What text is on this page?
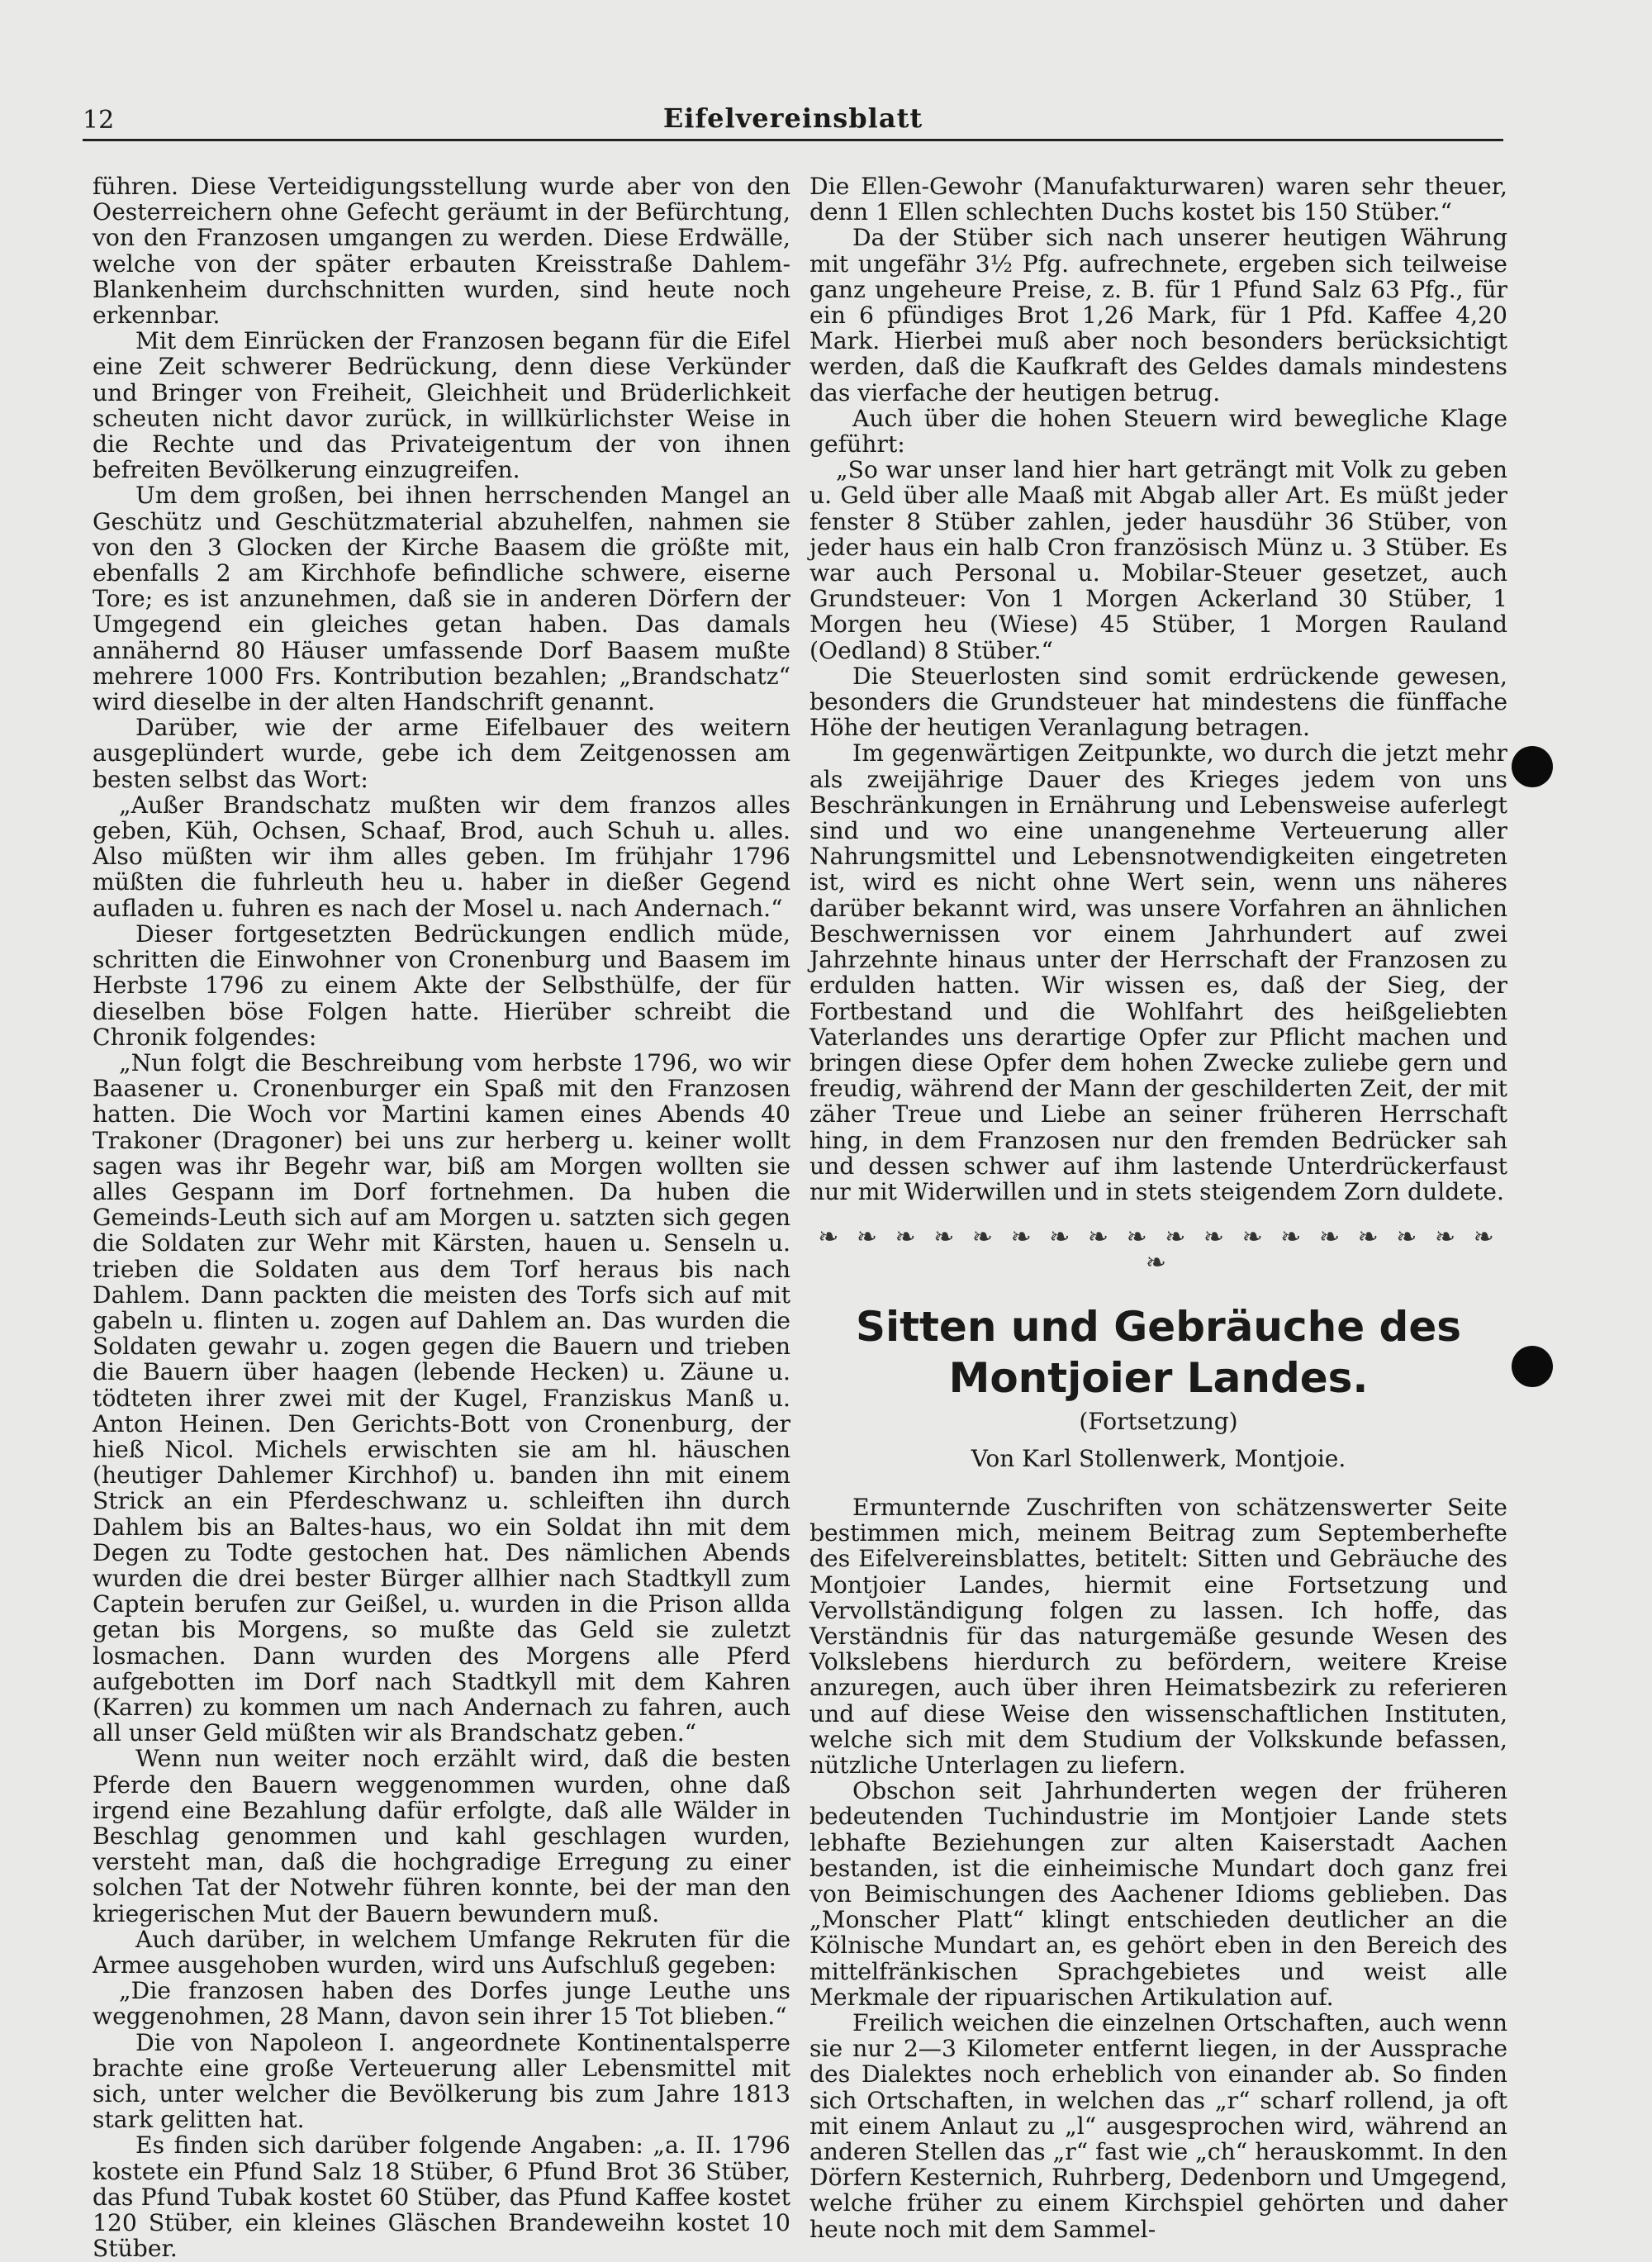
12	Eifelvereinsblatt

führen. Diese Verteidigungsstellung wurde aber von den Oesterreichern ohne Gefecht geräumt in der Befürchtung, von den Franzosen umgangen zu werden. Diese Erdwälle, welche von der später erbauten Kreisstraße Dahlem-Blankenheim durchschnitten wurden, sind heute noch erkennbar.

Mit dem Einrücken der Franzosen begann für die Eifel eine Zeit schwerer Bedrückung, denn diese Verkünder und Bringer von Freiheit, Gleichheit und Brüderlichkeit scheuten nicht davor zurück, in willkürlichster Weise in die Rechte und das Privateigentum der von ihnen befreiten Bevölkerung einzugreifen.

Um dem großen, bei ihnen herrschenden Mangel an Geschütz und Geschützmaterial abzuhelfen, nahmen sie von den 3 Glocken der Kirche Baasem die größte mit, ebenfalls 2 am Kirchhofe befindliche schwere, eiserne Tore; es ist anzunehmen, daß sie in anderen Dörfern der Umgegend ein gleiches getan haben. Das damals annähernd 80 Häuser umfassende Dorf Baasem mußte mehrere 1000 Frs. Kontribution bezahlen; „Brandschatz“ wird dieselbe in der alten Handschrift genannt.

Darüber, wie der arme Eifelbauer des weitern ausgeplündert wurde, gebe ich dem Zeitgenossen am besten selbst das Wort:

„Außer Brandschatz mußten wir dem franzos alles geben, Küh, Ochsen, Schaaf, Brod, auch Schuh u. alles. Also müßten wir ihm alles geben. Im frühjahr 1796 müßten die fuhrleuth heu u. haber in dießer Gegend aufladen u. fuhren es nach der Mosel u. nach Andernach.“

Dieser fortgesetzten Bedrückungen endlich müde, schritten die Einwohner von Cronenburg und Baasem im Herbste 1796 zu einem Akte der Selbsthülfe, der für dieselben böse Folgen hatte. Hierüber schreibt die Chronik folgendes:

„Nun folgt die Beschreibung vom herbste 1796, wo wir Baasener u. Cronenburger ein Spaß mit den Franzosen hatten. Die Woch vor Martini kamen eines Abends 40 Trakoner (Dragoner) bei uns zur herberg u. keiner wollt sagen was ihr Begehr war, biß am Morgen wollten sie alles Gespann im Dorf fortnehmen. Da huben die Gemeinds-Leuth sich auf am Morgen u. satzten sich gegen die Soldaten zur Wehr mit Kärsten, hauen u. Senseln u. trieben die Soldaten aus dem Torf heraus bis nach Dahlem. Dann packten die meisten des Torfs sich auf mit gabeln u. flinten u. zogen auf Dahlem an. Das wurden die Soldaten gewahr u. zogen gegen die Bauern und trieben die Bauern über haagen (lebende Hecken) u. Zäune u. tödteten ihrer zwei mit der Kugel, Franziskus Manß u. Anton Heinen. Den Gerichts-Bott von Cronenburg, der hieß Nicol. Michels erwischten sie am hl. häuschen (heutiger Dahlemer Kirchhof) u. banden ihn mit einem Strick an ein Pferdeschwanz u. schleiften ihn durch Dahlem bis an Baltes-haus, wo ein Soldat ihn mit dem Degen zu Todte gestochen hat. Des nämlichen Abends wurden die drei bester Bürger allhier nach Stadtkyll zum Captein berufen zur Geißel, u. wurden in die Prison allda getan bis Morgens, so mußte das Geld sie zuletzt losmachen. Dann wurden des Morgens alle Pferd aufgebotten im Dorf nach Stadtkyll mit dem Kahren (Karren) zu kommen um nach Andernach zu fahren, auch all unser Geld müßten wir als Brandschatz geben.“

Wenn nun weiter noch erzählt wird, daß die besten Pferde den Bauern weggenommen wurden, ohne daß irgend eine Bezahlung dafür erfolgte, daß alle Wälder in Beschlag genommen und kahl geschlagen wurden, versteht man, daß die hochgradige Erregung zu einer solchen Tat der Notwehr führen konnte, bei der man den kriegerischen Mut der Bauern bewundern muß.

Auch darüber, in welchem Umfange Rekruten für die Armee ausgehoben wurden, wird uns Aufschluß gegeben:

„Die franzosen haben des Dorfes junge Leuthe uns weggenohmen, 28 Mann, davon sein ihrer 15 Tot blieben.“

Die von Napoleon I. angeordnete Kontinentalsperre brachte eine große Verteuerung aller Lebensmittel mit sich, unter welcher die Bevölkerung bis zum Jahre 1813 stark gelitten hat.

Es finden sich darüber folgende Angaben: „a. II. 1796 kostete ein Pfund Salz 18 Stüber, 6 Pfund Brot 36 Stüber, das Pfund Tubak kostet 60 Stüber, das Pfund Kaffee kostet 120 Stüber, ein kleines Gläschen Brandeweihn kostet 10 Stüber.

Die Ellen-Gewohr (Manufakturwaren) waren sehr theuer, denn 1 Ellen schlechten Duchs kostet bis 150 Stüber.“

Da der Stüber sich nach unserer heutigen Währung mit ungefähr 3½ Pfg. aufrechnete, ergeben sich teilweise ganz ungeheure Preise, z. B. für 1 Pfund Salz 63 Pfg., für ein 6 pfündiges Brot 1,26 Mark, für 1 Pfd. Kaffee 4,20 Mark. Hierbei muß aber noch besonders berücksichtigt werden, daß die Kaufkraft des Geldes damals mindestens das vierfache der heutigen betrug.

Auch über die hohen Steuern wird bewegliche Klage geführt:

„So war unser land hier hart geträngt mit Volk zu geben u. Geld über alle Maaß mit Abgab aller Art. Es müßt jeder fenster 8 Stüber zahlen, jeder hausdühr 36 Stüber, von jeder haus ein halb Cron französisch Münz u. 3 Stüber. Es war auch Personal u. Mobilar-Steuer gesetzet, auch Grundsteuer: Von 1 Morgen Ackerland 30 Stüber, 1 Morgen heu (Wiese) 45 Stüber, 1 Morgen Rauland (Oedland) 8 Stüber.“

Die Steuerlosten sind somit erdrückende gewesen, besonders die Grundsteuer hat mindestens die fünffache Höhe der heutigen Veranlagung betragen.

Im gegenwärtigen Zeitpunkte, wo durch die jetzt mehr als zweijährige Dauer des Krieges jedem von uns Beschränkungen in Ernährung und Lebensweise auferlegt sind und wo eine unangenehme Verteuerung aller Nahrungsmittel und Lebensnotwendigkeiten eingetreten ist, wird es nicht ohne Wert sein, wenn uns näheres darüber bekannt wird, was unsere Vorfahren an ähnlichen Beschwernissen vor einem Jahrhundert auf zwei Jahrzehnte hinaus unter der Herrschaft der Franzosen zu erdulden hatten. Wir wissen es, daß der Sieg, der Fortbestand und die Wohlfahrt des heißgeliebten Vaterlandes uns derartige Opfer zur Pflicht machen und bringen diese Opfer dem hohen Zwecke zuliebe gern und freudig, während der Mann der geschilderten Zeit, der mit zäher Treue und Liebe an seiner früheren Herrschaft hing, in dem Franzosen nur den fremden Bedrücker sah und dessen schwer auf ihm lastende Unterdrückerfaust nur mit Widerwillen und in stets steigendem Zorn duldete.

❧ ❧ ❧ ❧ ❧ ❧ ❧ ❧ ❧ ❧ ❧ ❧ ❧ ❧ ❧ ❧ ❧ ❧ ❧
Sitten und Gebräuche des Montjoier Landes.
(Fortsetzung)
Von Karl Stollenwerk, Montjoie.

Ermunternde Zuschriften von schätzenswerter Seite bestimmen mich, meinem Beitrag zum Septemberhefte des Eifelvereinsblattes, betitelt: Sitten und Gebräuche des Montjoier Landes, hiermit eine Fortsetzung und Vervollständigung folgen zu lassen. Ich hoffe, das Verständnis für das naturgemäße gesunde Wesen des Volkslebens hierdurch zu befördern, weitere Kreise anzuregen, auch über ihren Heimatsbezirk zu referieren und auf diese Weise den wissenschaftlichen Instituten, welche sich mit dem Studium der Volkskunde befassen, nützliche Unterlagen zu liefern.

Obschon seit Jahrhunderten wegen der früheren bedeutenden Tuchindustrie im Montjoier Lande stets lebhafte Beziehungen zur alten Kaiserstadt Aachen bestanden, ist die einheimische Mundart doch ganz frei von Beimischungen des Aachener Idioms geblieben. Das „Monscher Platt“ klingt entschieden deutlicher an die Kölnische Mundart an, es gehört eben in den Bereich des mittelfränkischen Sprachgebietes und weist alle Merkmale der ripuarischen Artikulation auf.

Freilich weichen die einzelnen Ortschaften, auch wenn sie nur 2—3 Kilometer entfernt liegen, in der Aussprache des Dialektes noch erheblich von einander ab. So finden sich Ortschaften, in welchen das „r“ scharf rollend, ja oft mit einem Anlaut zu „l“ ausgesprochen wird, während an anderen Stellen das „r“ fast wie „ch“ herauskommt. In den Dörfern Kesternich, Ruhrberg, Dedenborn und Umgegend, welche früher zu einem Kirchspiel gehörten und daher heute noch mit dem Sammel-
